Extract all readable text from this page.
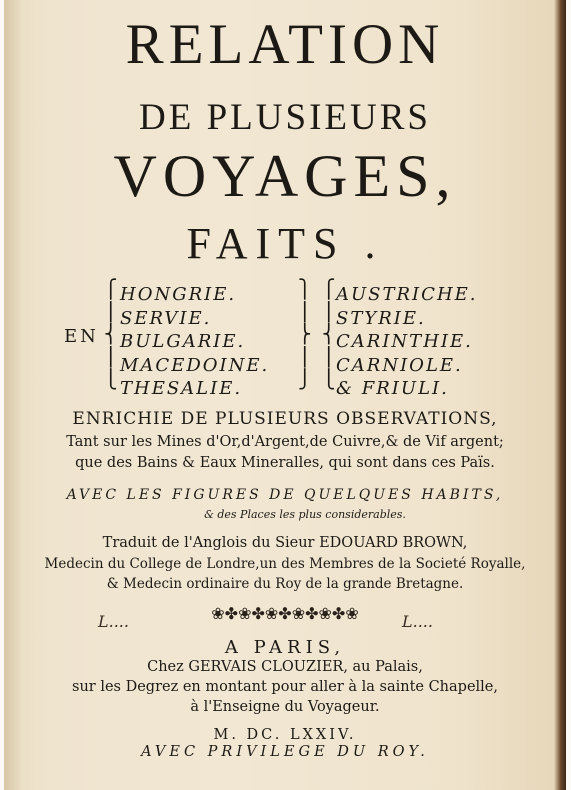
RELATION
DE PLUSIEURS
VOYAGES,
FAITS .
EN
⎧
⎪
⎨
⎪
⎩
HONGRIE.
SERVIE.
BULGARIE.
MACEDOINE.
THESALIE.
⎫
⎪
⎬
⎪
⎭
⎧
⎪
⎨
⎪
⎩
AUSTRICHE.
STYRIE.
CARINTHIE.
CARNIOLE.
& FRIULI.
ENRICHIE DE PLUSIEURS OBSERVATIONS,
Tant sur les Mines d'Or,d'Argent,de Cuivre,& de Vif argent;
que des Bains & Eaux Mineralles, qui sont dans ces Païs.
AVEC LES FIGURES DE QUELQUES HABITS,
& des Places les plus considerables.
Traduit de l'Anglois du Sieur EDOUARD BROWN,
Medecin du College de Londre,un des Membres de la Societé Royalle,
& Medecin ordinaire du Roy de la grande Bretagne.
L....	❀✤❀✤❀✤❀✤❀✤❀	L....
A PARIS,
Chez GERVAIS CLOUZIER, au Palais,
sur les Degrez en montant pour aller à la sainte Chapelle,
à l'Enseigne du Voyageur.
M. DC. LXXIV.
AVEC PRIVILEGE DU ROY.
